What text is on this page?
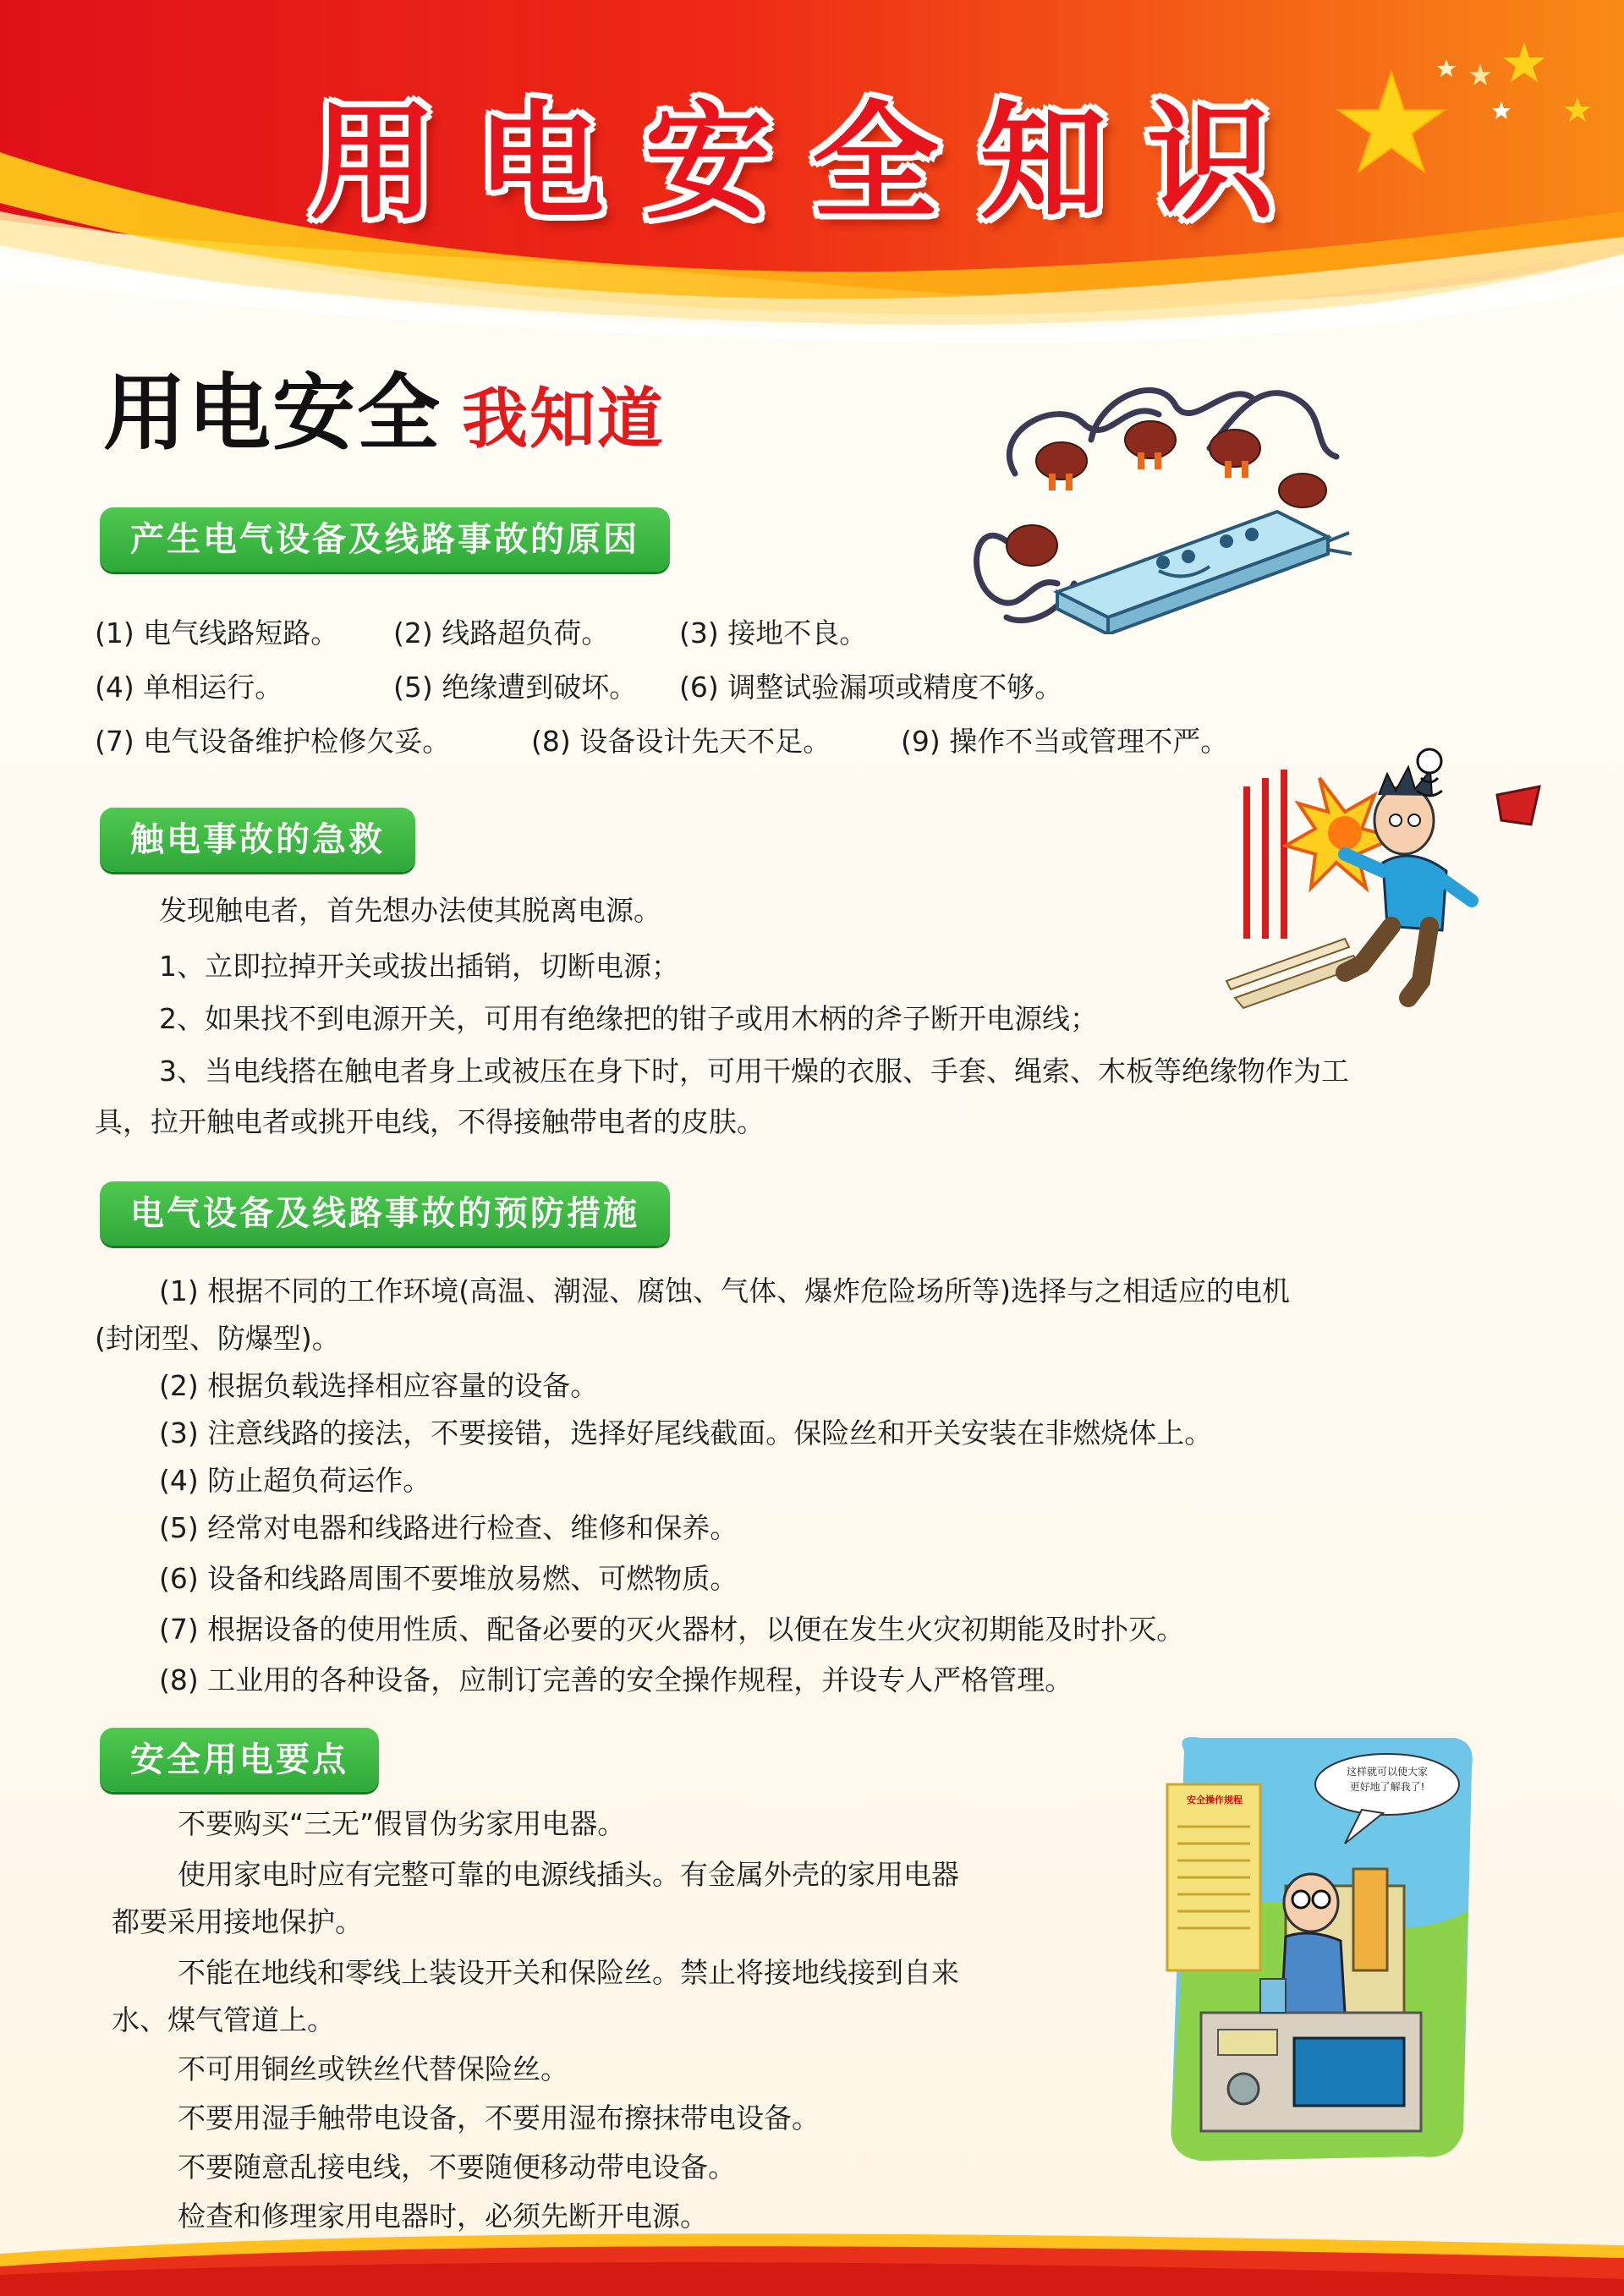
用电安全知识
用电安全 我知道
产生电气设备及线路事故的原因
(1) 电气线路短路。 (2) 线路超负荷。	(3) 接地不良。
(4) 单相运行。	(5) 绝缘遭到破坏。 (6) 调整试验漏项或精度不够。
(7) 电气设备维护检修欠妥。	(8) 设备设计先天不足。	(9) 操作不当或管理不严。
触电事故的急救
发现触电者，首先想办法使其脱离电源。
1、立即拉掉开关或拔出插销，切断电源；
2、如果找不到电源开关，可用有绝缘把的钳子或用木柄的斧子断开电源线；
3、当电线搭在触电者身上或被压在身下时，可用干燥的衣服、手套、绳索、木板等绝缘物作为工
具，拉开触电者或挑开电线，不得接触带电者的皮肤。
电气设备及线路事故的预防措施
(1) 根据不同的工作环境(高温、潮湿、腐蚀、气体、爆炸危险场所等)选择与之相适应的电机
(封闭型、防爆型)。
(2) 根据负载选择相应容量的设备。
(3) 注意线路的接法，不要接错，选择好尾线截面。保险丝和开关安装在非燃烧体上。
(4) 防止超负荷运作。
(5) 经常对电器和线路进行检查、维修和保养。
(6) 设备和线路周围不要堆放易燃、可燃物质。
(7) 根据设备的使用性质、配备必要的灭火器材，以便在发生火灾初期能及时扑灭。
(8) 工业用的各种设备，应制订完善的安全操作规程，并设专人严格管理。
安全用电要点
不要购买“三无”假冒伪劣家用电器。
使用家电时应有完整可靠的电源线插头。有金属外壳的家用电器
都要采用接地保护。
不能在地线和零线上装设开关和保险丝。禁止将接地线接到自来
水、煤气管道上。
不可用铜丝或铁丝代替保险丝。
不要用湿手触带电设备，不要用湿布擦抹带电设备。
不要随意乱接电线，不要随便移动带电设备。
检查和修理家用电器时，必须先断开电源。
安全操作规程
这样就可以使大家
更好地了解我了!
